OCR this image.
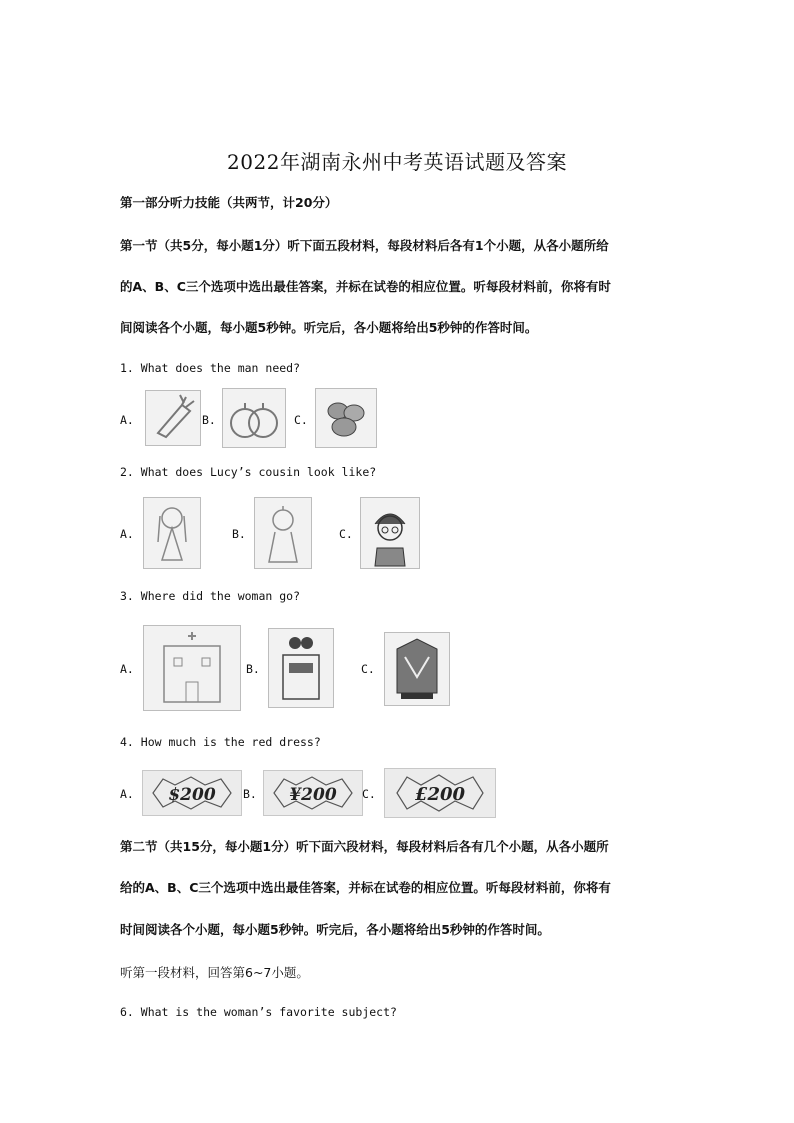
2022年湖南永州中考英语试题及答案
第一部分听力技能（共两节，计20分）
第一节（共5分，每小题1分）听下面五段材料，每段材料后各有1个小题，从各小题所给
的A、B、C三个选项中选出最佳答案，并标在试卷的相应位置。听每段材料前，你将有时
间阅读各个小题，每小题5秒钟。听完后，各小题将给出5秒钟的作答时间。
1. What does the man need?
A.	B.	C.
2. What does Lucy’s cousin look like?
A.	B.	C.
3. Where did the woman go?
A.	B.	C.
4. How much is the red dress?
A. $200 B. ¥200 C. £200
第二节（共15分，每小题1分）听下面六段材料，每段材料后各有几个小题，从各小题所
给的A、B、C三个选项中选出最佳答案，并标在试卷的相应位置。听每段材料前，你将有
时间阅读各个小题，每小题5秒钟。听完后，各小题将给出5秒钟的作答时间。
听第一段材料，回答第6~7小题。
6. What is the woman’s favorite subject?
